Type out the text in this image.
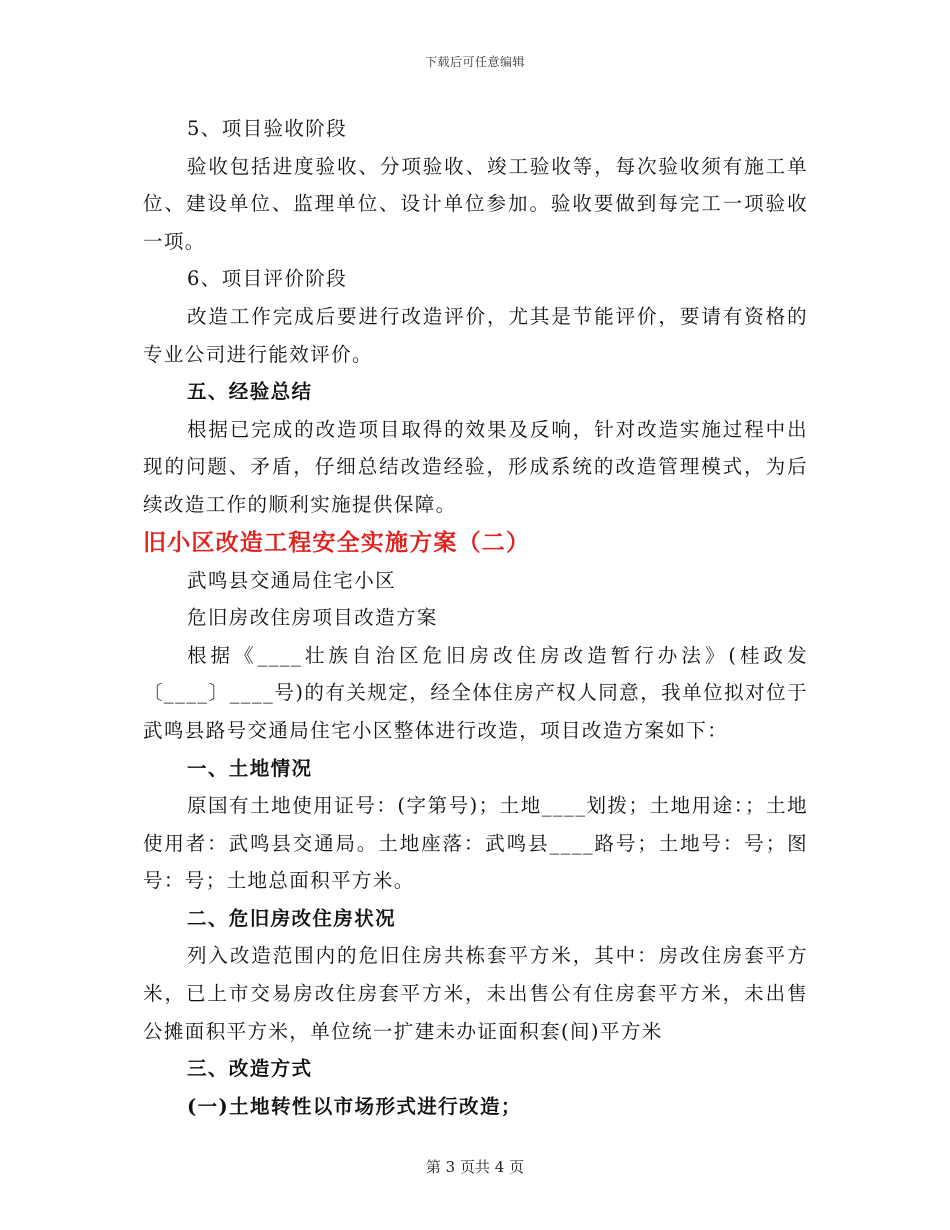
下载后可任意编辑

5、项目验收阶段

验收包括进度验收、分项验收、竣工验收等，每次验收须有施工单位、建设单位、监理单位、设计单位参加。验收要做到每完工一项验收一项。

6、项目评价阶段

改造工作完成后要进行改造评价，尤其是节能评价，要请有资格的专业公司进行能效评价。

五、经验总结

根据已完成的改造项目取得的效果及反响，针对改造实施过程中出现的问题、矛盾，仔细总结改造经验，形成系统的改造管理模式，为后续改造工作的顺利实施提供保障。

旧小区改造工程安全实施方案（二）

武鸣县交通局住宅小区

危旧房改住房项目改造方案

根据《____壮族自治区危旧房改住房改造暂行办法》(桂政发〔____〕____号)的有关规定，经全体住房产权人同意，我单位拟对位于武鸣县路号交通局住宅小区整体进行改造，项目改造方案如下：

一、土地情况

原国有土地使用证号：(字第号)；土地____划拨；土地用途：；土地使用者：武鸣县交通局。土地座落：武鸣县____路号；土地号：号；图号：号；土地总面积平方米。

二、危旧房改住房状况

列入改造范围内的危旧住房共栋套平方米，其中：房改住房套平方米，已上市交易房改住房套平方米，未出售公有住房套平方米，未出售公摊面积平方米，单位统一扩建未办证面积套(间)平方米

三、改造方式

(一)土地转性以市场形式进行改造；

第 3 页共 4 页
